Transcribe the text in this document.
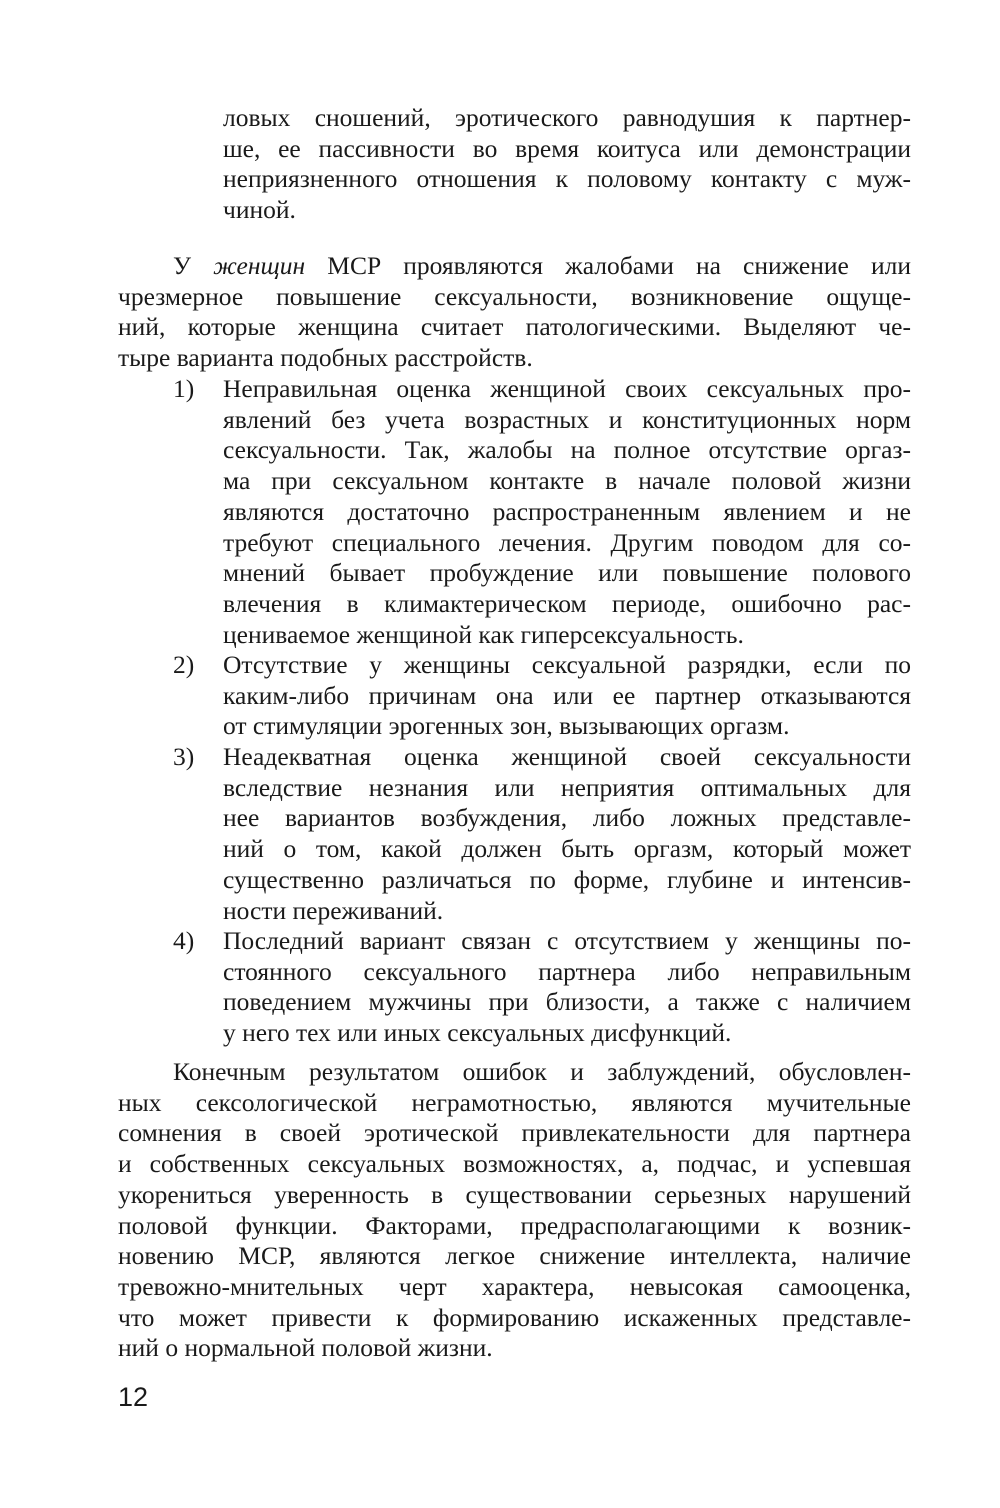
ловых сношений, эротического равнодушия к партнер-
ше, ее пассивности во время коитуса или демонстрации
неприязненного отношения к половому контакту с муж-
чиной.
У женщин МСР проявляются жалобами на снижение или
чрезмерное повышение сексуальности, возникновение ощуще-
ний, которые женщина считает патологическими. Выделяют че-
тыре варианта подобных расстройств.
1) Неправильная оценка женщиной своих сексуальных про-
явлений без учета возрастных и конституционных норм
сексуальности. Так, жалобы на полное отсутствие оргаз-
ма при сексуальном контакте в начале половой жизни
являются достаточно распространенным явлением и не
требуют специального лечения. Другим поводом для со-
мнений бывает пробуждение или повышение полового
влечения в климактерическом периоде, ошибочно рас-
цениваемое женщиной как гиперсексуальность.
2) Отсутствие у женщины сексуальной разрядки, если по
каким-либо причинам она или ее партнер отказываются
от стимуляции эрогенных зон, вызывающих оргазм.
3) Неадекватная оценка женщиной своей сексуальности
вследствие незнания или неприятия оптимальных для
нее вариантов возбуждения, либо ложных представле-
ний о том, какой должен быть оргазм, который может
существенно различаться по форме, глубине и интенсив-
ности переживаний.
4) Последний вариант связан с отсутствием у женщины по-
стоянного сексуального партнера либо неправильным
поведением мужчины при близости, а также с наличием
у него тех или иных сексуальных дисфункций.
Конечным результатом ошибок и заблуждений, обусловлен-
ных сексологической неграмотностью, являются мучительные
сомнения в своей эротической привлекательности для партнера
и собственных сексуальных возможностях, а, подчас, и успевшая
укорениться уверенность в существовании серьезных нарушений
половой функции. Факторами, предрасполагающими к возник-
новению МСР, являются легкое снижение интеллекта, наличие
тревожно-мнительных черт характера, невысокая самооценка,
что может привести к формированию искаженных представле-
ний о нормальной половой жизни.
12
